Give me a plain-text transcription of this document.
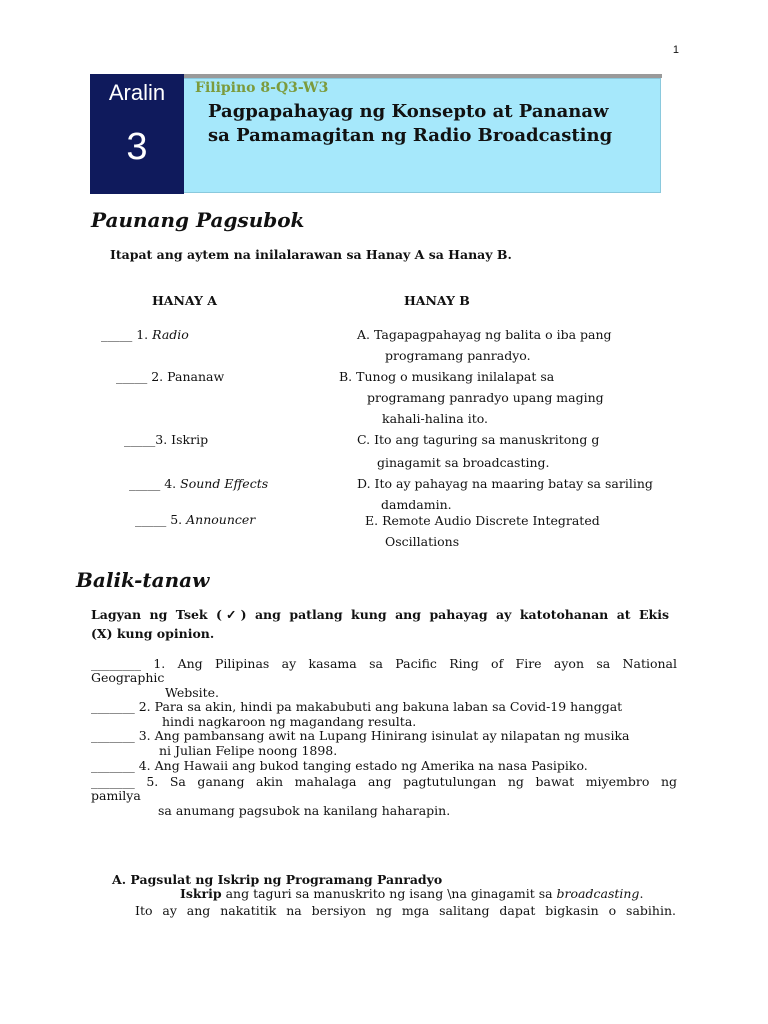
1
Aralin
3
Filipino 8-Q3-W3
Pagpapahayag ng Konsepto at Pananaw
sa Pamamagitan ng Radio Broadcasting
Paunang Pagsubok
Itapat ang aytem na inilalarawan sa Hanay A sa Hanay B.
HANAY A	HANAY B
_____ 1. Radio
_____ 2. Pananaw
_____3. Iskrip
_____ 4. Sound Effects
_____ 5. Announcer
A. Tagapagpahayag ng balita o iba pang
programang panradyo.
B. Tunog o musikang inilalapat sa
programang panradyo upang maging
kahali-halina ito.
C. Ito ang taguring sa manuskritong g
ginagamit sa broadcasting.
D. Ito ay pahayag na maaring batay sa sariling
damdamin.
E. Remote Audio Discrete Integrated
Oscillations
Balik-tanaw
Lagyan ng Tsek (✓) ang patlang kung ang pahayag ay katotohanan at Ekis
(X) kung opinion.
________ 1. Ang Pilipinas ay kasama sa Pacific Ring of Fire ayon sa National
Geographic
Website.
_______ 2. Para sa akin, hindi pa makabubuti ang bakuna laban sa Covid-19 hanggat
hindi nagkaroon ng magandang resulta.
_______ 3. Ang pambansang awit na Lupang Hinirang isinulat ay nilapatan ng musika
ni Julian Felipe noong 1898.
_______ 4. Ang Hawaii ang bukod tanging estado ng Amerika na nasa Pasipiko.
_______ 5. Sa ganang akin mahalaga ang pagtutulungan ng bawat miyembro ng
pamilya
sa anumang pagsubok na kanilang haharapin.
A. Pagsulat ng Iskrip ng Programang Panradyo
Iskrip ang taguri sa manuskrito ng isang \na ginagamit sa broadcasting.
Ito ay ang nakatitik na bersiyon ng mga salitang dapat bigkasin o sabihin.
